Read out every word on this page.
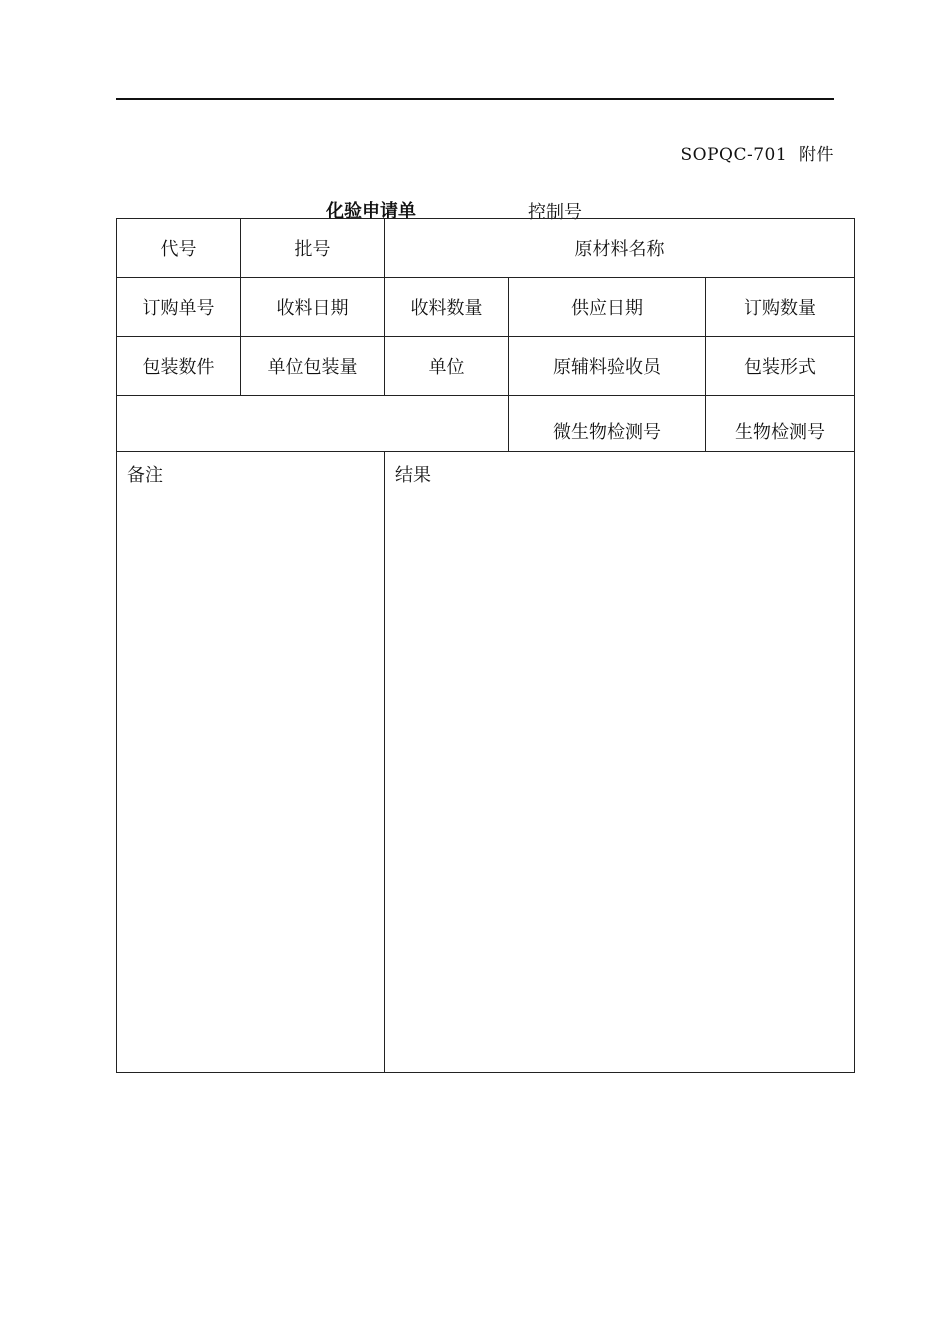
SOPQC-701  附件
化验申请单	控制号
代号	批号	原材料名称		
订购单号	收料日期	收料数量	供应日期	订购数量
包装数件	单位包装量	单位	原辅料验收员	包装形式
			微生物检测号	生物检测号
备注		结果		
